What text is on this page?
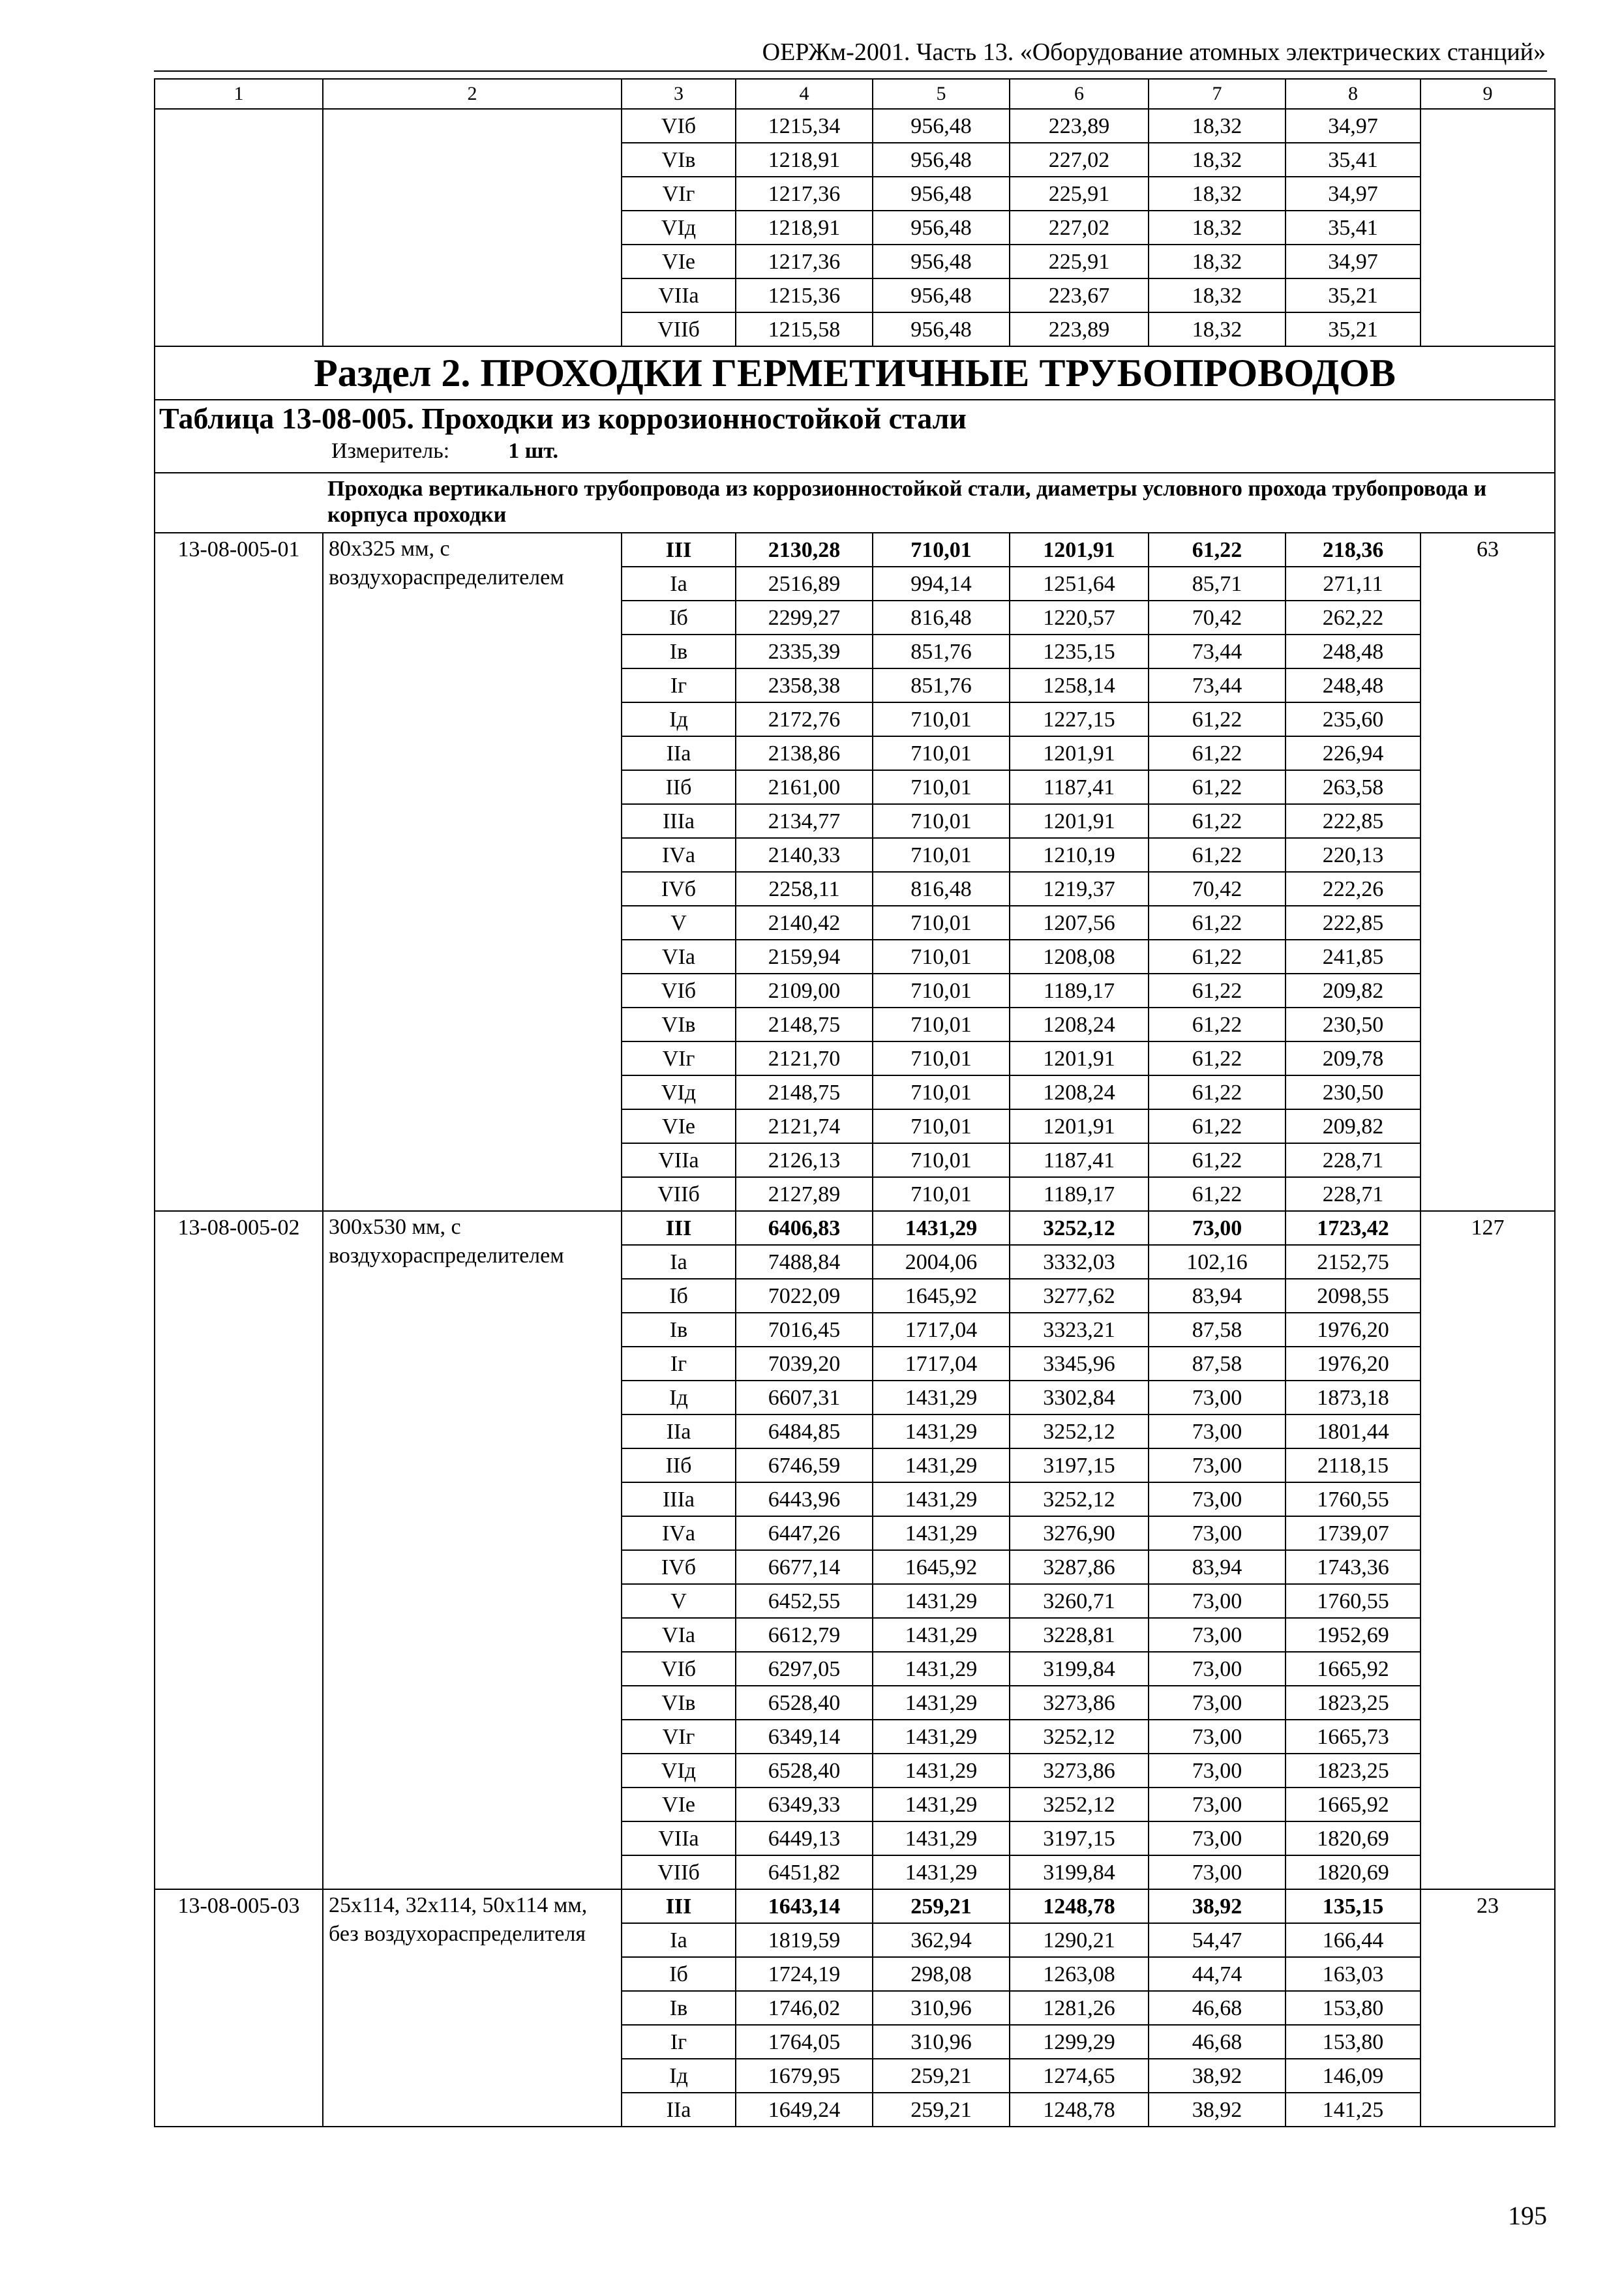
ОЕРЖм-2001. Часть 13. «Оборудование атомных электрических станций»
1	2	3	4	5	6	7	8	9
		VIб	1215,34	956,48	223,89	18,32	34,97	
		VIв	1218,91	956,48	227,02	18,32	35,41	
		VIг	1217,36	956,48	225,91	18,32	34,97	
		VIд	1218,91	956,48	227,02	18,32	35,41	
		VIе	1217,36	956,48	225,91	18,32	34,97	
		VIIа	1215,36	956,48	223,67	18,32	35,21	
		VIIб	1215,58	956,48	223,89	18,32	35,21	
Раздел 2. ПРОХОДКИ ГЕРМЕТИЧНЫЕ ТРУБОПРОВОДОВ								

Таблица 13-08-005. Проходки из коррозионностойкой стали
Измеритель: 1 шт.								

Проходка вертикального трубопровода из коррозионностойкой стали, диаметры условного прохода трубопровода и корпуса проходки								
13-08-005-01	80х325 мм, с воздухораспределителем	III	2130,28	710,01	1201,91	61,22	218,36	63
		Iа	2516,89	994,14	1251,64	85,71	271,11	
		Iб	2299,27	816,48	1220,57	70,42	262,22	
		Iв	2335,39	851,76	1235,15	73,44	248,48	
		Iг	2358,38	851,76	1258,14	73,44	248,48	
		Iд	2172,76	710,01	1227,15	61,22	235,60	
		IIа	2138,86	710,01	1201,91	61,22	226,94	
		IIб	2161,00	710,01	1187,41	61,22	263,58	
		IIIа	2134,77	710,01	1201,91	61,22	222,85	
		IVа	2140,33	710,01	1210,19	61,22	220,13	
		IVб	2258,11	816,48	1219,37	70,42	222,26	
		V	2140,42	710,01	1207,56	61,22	222,85	
		VIа	2159,94	710,01	1208,08	61,22	241,85	
		VIб	2109,00	710,01	1189,17	61,22	209,82	
		VIв	2148,75	710,01	1208,24	61,22	230,50	
		VIг	2121,70	710,01	1201,91	61,22	209,78	
		VIд	2148,75	710,01	1208,24	61,22	230,50	
		VIе	2121,74	710,01	1201,91	61,22	209,82	
		VIIа	2126,13	710,01	1187,41	61,22	228,71	
		VIIб	2127,89	710,01	1189,17	61,22	228,71	
13-08-005-02	300х530 мм, с воздухораспределителем	III	6406,83	1431,29	3252,12	73,00	1723,42	127
		Iа	7488,84	2004,06	3332,03	102,16	2152,75	
		Iб	7022,09	1645,92	3277,62	83,94	2098,55	
		Iв	7016,45	1717,04	3323,21	87,58	1976,20	
		Iг	7039,20	1717,04	3345,96	87,58	1976,20	
		Iд	6607,31	1431,29	3302,84	73,00	1873,18	
		IIа	6484,85	1431,29	3252,12	73,00	1801,44	
		IIб	6746,59	1431,29	3197,15	73,00	2118,15	
		IIIа	6443,96	1431,29	3252,12	73,00	1760,55	
		IVа	6447,26	1431,29	3276,90	73,00	1739,07	
		IVб	6677,14	1645,92	3287,86	83,94	1743,36	
		V	6452,55	1431,29	3260,71	73,00	1760,55	
		VIа	6612,79	1431,29	3228,81	73,00	1952,69	
		VIб	6297,05	1431,29	3199,84	73,00	1665,92	
		VIв	6528,40	1431,29	3273,86	73,00	1823,25	
		VIг	6349,14	1431,29	3252,12	73,00	1665,73	
		VIд	6528,40	1431,29	3273,86	73,00	1823,25	
		VIе	6349,33	1431,29	3252,12	73,00	1665,92	
		VIIа	6449,13	1431,29	3197,15	73,00	1820,69	
		VIIб	6451,82	1431,29	3199,84	73,00	1820,69	
13-08-005-03	25х114, 32х114, 50х114 мм, без воздухораспределителя	III	1643,14	259,21	1248,78	38,92	135,15	23
		Iа	1819,59	362,94	1290,21	54,47	166,44	
		Iб	1724,19	298,08	1263,08	44,74	163,03	
		Iв	1746,02	310,96	1281,26	46,68	153,80	
		Iг	1764,05	310,96	1299,29	46,68	153,80	
		Iд	1679,95	259,21	1274,65	38,92	146,09	
		IIа	1649,24	259,21	1248,78	38,92	141,25	
195
